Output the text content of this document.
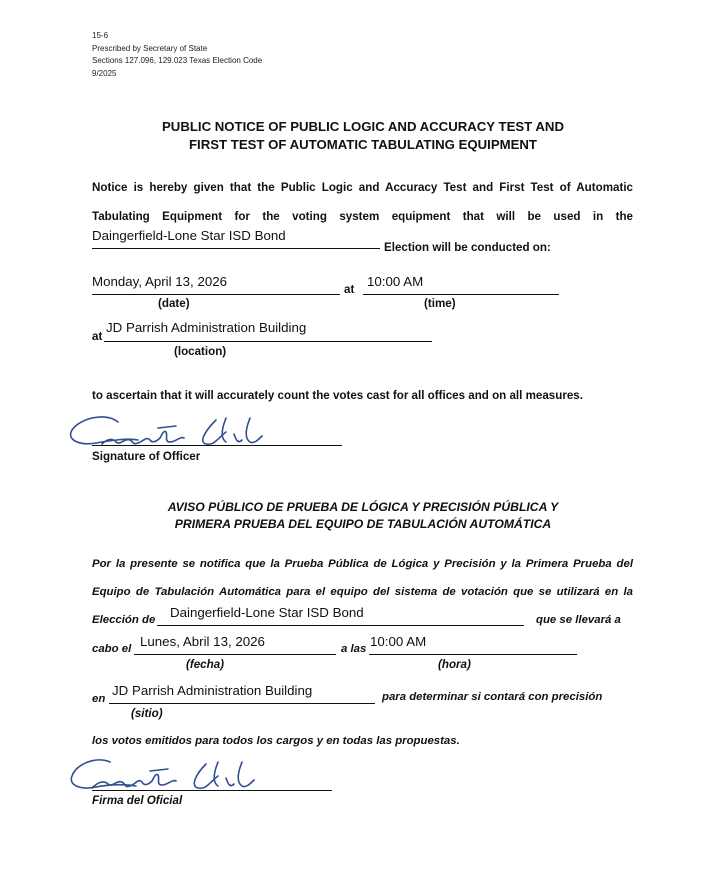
15-6
Prescribed by Secretary of State
Sections 127.096, 129.023 Texas Election Code
9/2025
PUBLIC NOTICE OF PUBLIC LOGIC AND ACCURACY TEST AND
FIRST TEST OF AUTOMATIC TABULATING EQUIPMENT
Notice is hereby given that the Public Logic and Accuracy Test and First Test of Automatic
Tabulating Equipment for the voting system equipment that will be used in the
Daingerfield-Lone Star ISD Bond
Election will be conducted on:
Monday, April 13, 2026
at
10:00 AM
(date)	(time)
at
JD Parrish Administration Building
(location)
to ascertain that it will accurately count the votes cast for all offices and on all measures.
Signature of Officer
AVISO PÚBLICO DE PRUEBA DE LÓGICA Y PRECISIÓN PÚBLICA Y
PRIMERA PRUEBA DEL EQUIPO DE TABULACIÓN AUTOMÁTICA
Por la presente se notifica que la Prueba Pública de Lógica y Precisión y la Primera Prueba del
Equipo de Tabulación Automática para el equipo del sistema de votación que se utilizará en la
Elección de Daingerfield-Lone Star ISD Bond	que se llevará a
cabo el Lunes, Abril 13, 2026	a las 10:00 AM
(fecha)	(hora)
en
JD Parrish Administration Building	para determinar si contará con precisión
(sitio)
los votos emitidos para todos los cargos y en todas las propuestas.
Firma del Oficial
